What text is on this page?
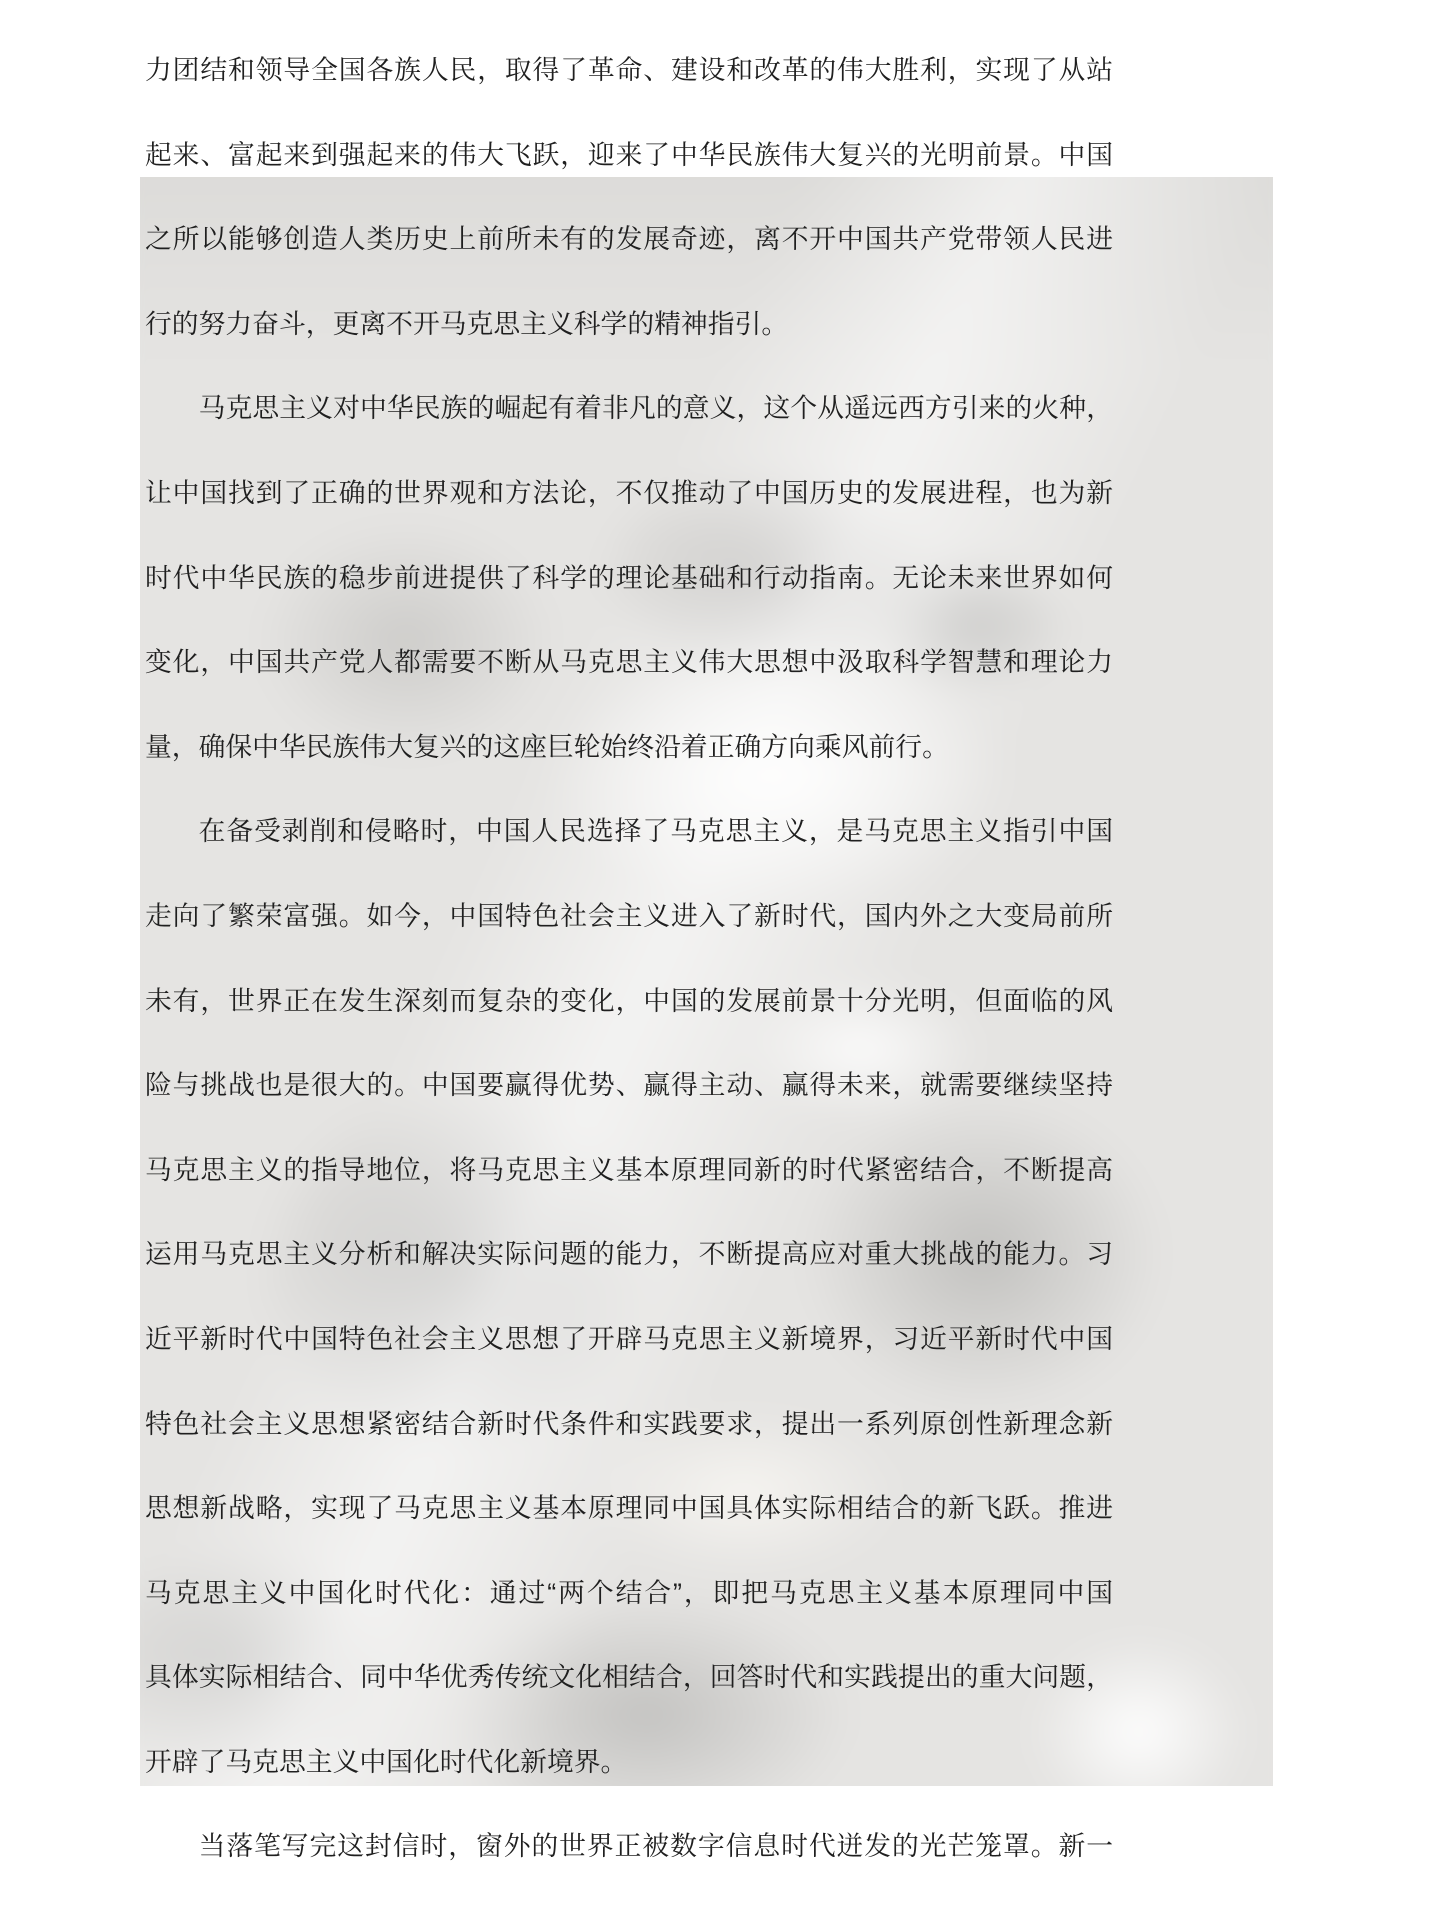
力团结和领导全国各族人民，取得了革命、建设和改革的伟大胜利，实现了从站
起来、富起来到强起来的伟大飞跃，迎来了中华民族伟大复兴的光明前景。中国
之所以能够创造人类历史上前所未有的发展奇迹，离不开中国共产党带领人民进
行的努力奋斗，更离不开马克思主义科学的精神指引。
马克思主义对中华民族的崛起有着非凡的意义，这个从遥远西方引来的火种，
让中国找到了正确的世界观和方法论，不仅推动了中国历史的发展进程，也为新
时代中华民族的稳步前进提供了科学的理论基础和行动指南。无论未来世界如何
变化，中国共产党人都需要不断从马克思主义伟大思想中汲取科学智慧和理论力
量，确保中华民族伟大复兴的这座巨轮始终沿着正确方向乘风前行。
在备受剥削和侵略时，中国人民选择了马克思主义，是马克思主义指引中国
走向了繁荣富强。如今，中国特色社会主义进入了新时代，国内外之大变局前所
未有，世界正在发生深刻而复杂的变化，中国的发展前景十分光明，但面临的风
险与挑战也是很大的。中国要赢得优势、赢得主动、赢得未来，就需要继续坚持
马克思主义的指导地位，将马克思主义基本原理同新的时代紧密结合，不断提高
运用马克思主义分析和解决实际问题的能力，不断提高应对重大挑战的能力。习
近平新时代中国特色社会主义思想了开辟马克思主义新境界，习近平新时代中国
特色社会主义思想紧密结合新时代条件和实践要求，提出一系列原创性新理念新
思想新战略，实现了马克思主义基本原理同中国具体实际相结合的新飞跃。推进
马克思主义中国化时代化：通过“两个结合”，即把马克思主义基本原理同中国
具体实际相结合、同中华优秀传统文化相结合，回答时代和实践提出的重大问题，
开辟了马克思主义中国化时代化新境界。
当落笔写完这封信时，窗外的世界正被数字信息时代迸发的光芒笼罩。新一
